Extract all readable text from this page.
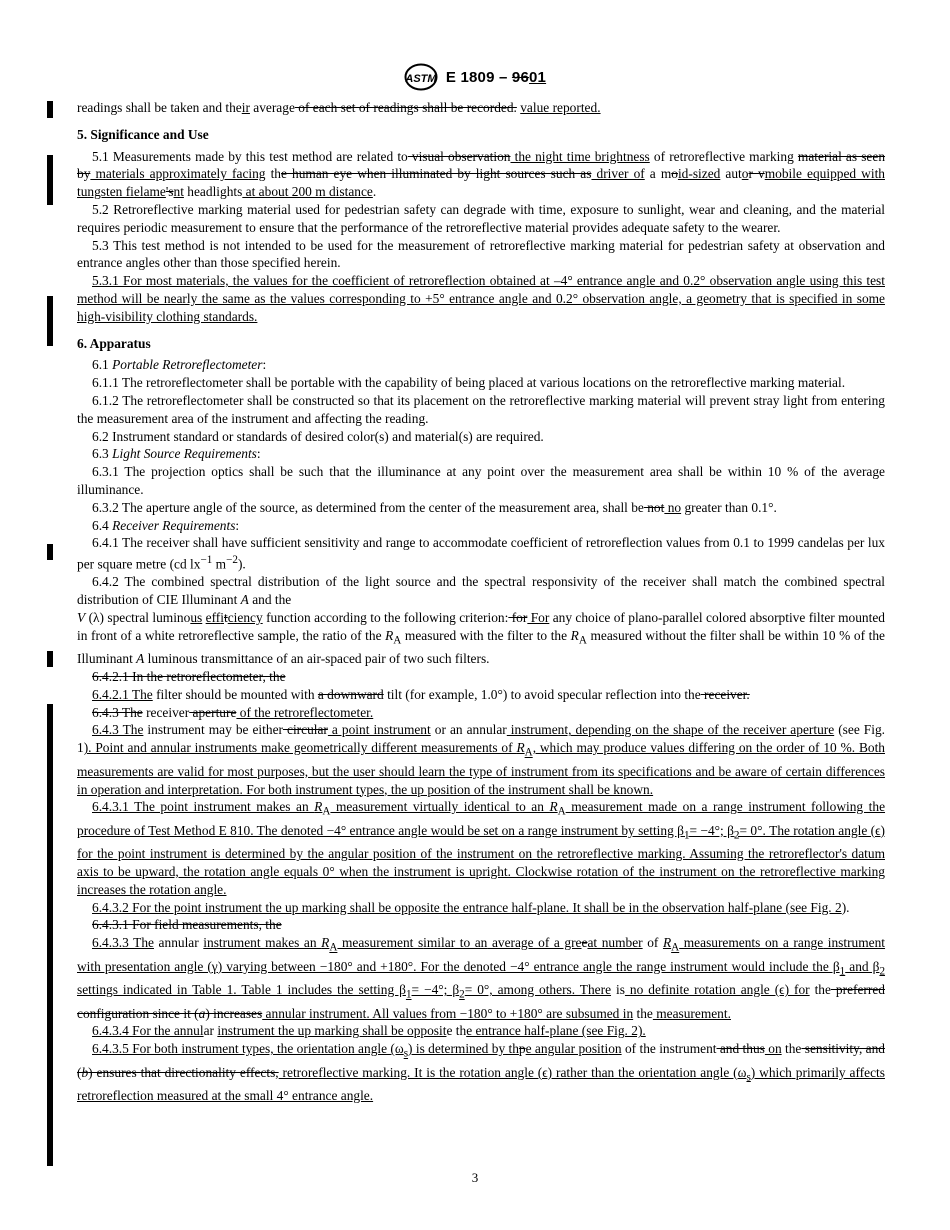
ASTM E 1809 – 9601

readings shall be taken and their average of each set of readings shall be recorded. value reported.

5. Significance and Use

5.1 Measurements made by this test method are related to visual observation the night time brightness of retroreflective marking material as seen by materials approximately facing the human eye when illuminated by light sources such as driver of a moid-sized autor vmobile equipped with tungsten fielame'snt headlights at about 200 m distance.

5.2 Retroreflective marking material used for pedestrian safety can degrade with time, exposure to sunlight, wear and cleaning, and the material requires periodic measurement to ensure that the performance of the retroreflective material provides adequate safety to the wearer.

5.3 This test method is not intended to be used for the measurement of retroreflective marking material for pedestrian safety at observation and entrance angles other than those specified herein.

5.3.1 For most materials, the values for the coefficient of retroreflection obtained at –4° entrance angle and 0.2° observation angle using this test method will be nearly the same as the values corresponding to +5° entrance angle and 0.2° observation angle, a geometry that is specified in some high-visibility clothing standards.

6. Apparatus

6.1 Portable Retroreflectometer:

6.1.1 The retroreflectometer shall be portable with the capability of being placed at various locations on the retroreflective marking material.

6.1.2 The retroreflectometer shall be constructed so that its placement on the retroreflective marking material will prevent stray light from entering the measurement area of the instrument and affecting the reading.

6.2 Instrument standard or standards of desired color(s) and material(s) are required.

6.3 Light Source Requirements:

6.3.1 The projection optics shall be such that the illuminance at any point over the measurement area shall be within 10 % of the average illuminance.

6.3.2 The aperture angle of the source, as determined from the center of the measurement area, shall be not no greater than 0.1°.

6.4 Receiver Requirements:

6.4.1 The receiver shall have sufficient sensitivity and range to accommodate coefficient of retroreflection values from 0.1 to 1999 candelas per lux per square metre (cd $lx^{-1}$ $m^{-2}$).

6.4.2 The combined spectral distribution of the light source and the spectral responsivity of the receiver shall match the combined spectral distribution of CIE Illuminant A and the

V (λ) spectral luminous effitciency function according to the following criterion: for For any choice of plano-parallel colored absorptive filter mounted in front of a white retroreflective sample, the ratio of the $R_A$ measured with the filter to the $R_A$ measured without the filter shall be within 10 % of the Illuminant A luminous transmittance of an air-spaced pair of two such filters.

6.4.2.1 In the retroreflectometer, the

6.4.2.1 The filter should be mounted with a downward tilt (for example, 1.0°) to avoid specular reflection into the receiver.

6.4.3 The receiver aperture of the retroreflectometer.

6.4.3 The instrument may be either circular a point instrument or an annular instrument, depending on the shape of the receiver aperture (see Fig. 1). Point and annular instruments make geometrically different measurements of $R_A$, which may produce values differing on the order of 10 %. Both measurements are valid for most purposes, but the user should learn the type of instrument from its specifications and be aware of certain differences in operation and interpretation. For both instrument types, the up position of the instrument shall be known.

6.4.3.1 The point instrument makes an $R_A$ measurement virtually identical to an $R_A$ measurement made on a range instrument following the procedure of Test Method E 810. The denoted −4° entrance angle would be set on a range instrument by setting $\beta_1= -4^\circ$; $\beta_2= 0^\circ$. The rotation angle (ϵ) for the point instrument is determined by the angular position of the instrument on the retroreflective marking. Assuming the retroreflector's datum axis to be upward, the rotation angle equals 0° when the instrument is upright. Clockwise rotation of the instrument on the retroreflective marking increases the rotation angle.

6.4.3.2 For the point instrument the up marking shall be opposite the entrance half-plane. It shall be in the observation half-plane (see Fig. 2).

6.4.3.1 For field measurements, the

6.4.3.3 The annular instrument makes an $R_A$ measurement similar to an average of a greeat number of $R_A$ measurements on a range instrument with presentation angle (γ) varying between −180° and +180°. For the denoted −4° entrance angle the range instrument would include the $\beta_1$ and $\beta_2$ settings indicated in Table 1. Table 1 includes the setting $\beta_1= -4^\circ$; $\beta_2= 0^\circ$, among others. There is no definite rotation angle (ϵ) for the preferred configuration since it (a) increases annular instrument. All values from −180° to +180° are subsumed in the measurement.

6.4.3.4 For the annular instrument the up marking shall be opposite the entrance half-plane (see Fig. 2).

6.4.3.5 For both instrument types, the orientation angle $(\omega_s)$ is determined by thpe angular position of the instrument and thus on the sensitivity, and (b) ensures that directionality effects, retroreflective marking. It is the rotation angle (ϵ) rather than the orientation angle $(\omega_s)$ which primarily affects retroreflection measured at the small 4° entrance angle.

3
